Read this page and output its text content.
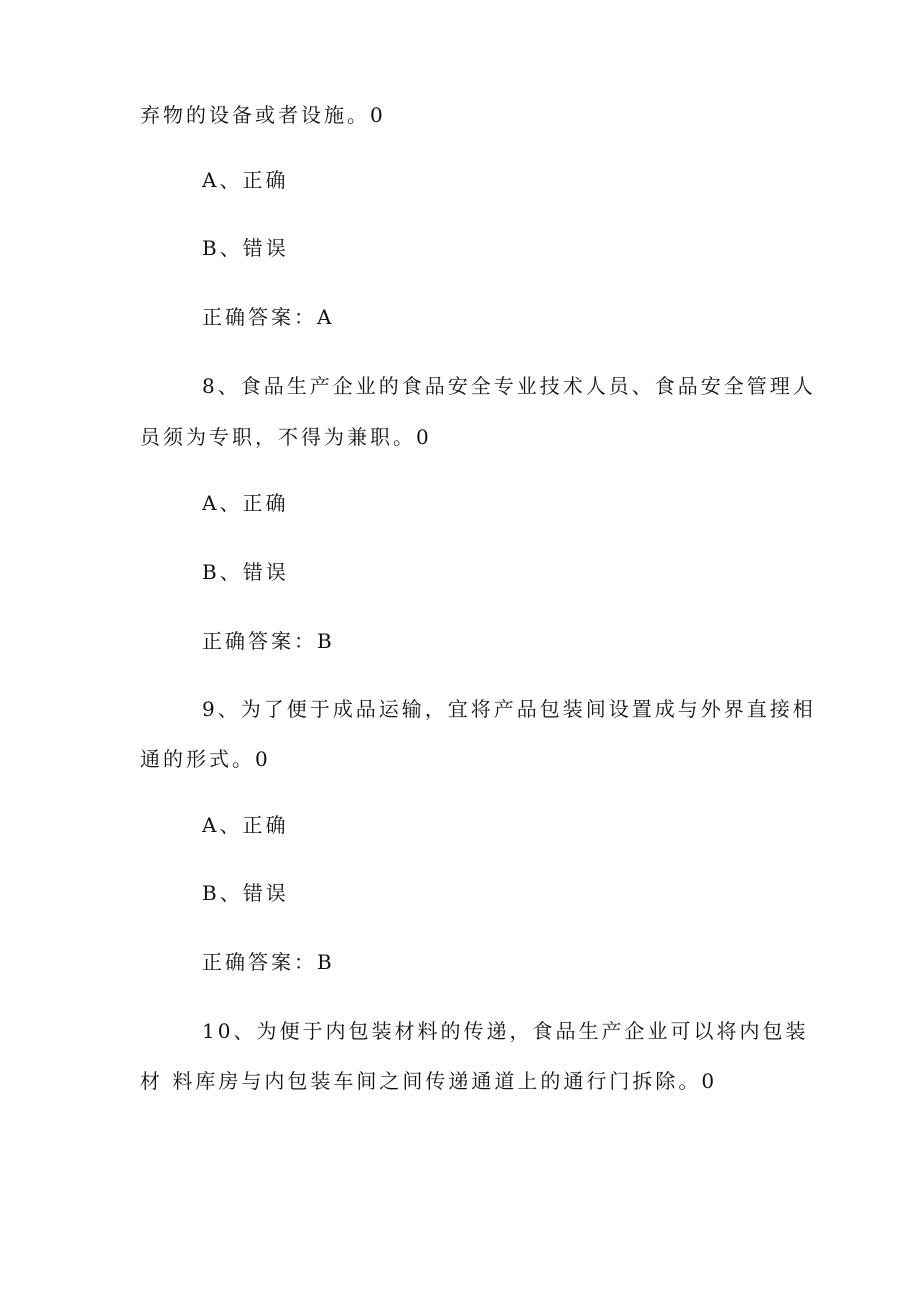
弃物的设备或者设施。0
A、正确
B、错误
正确答案：A
8、食品生产企业的食品安全专业技术人员、食品安全管理人
员须为专职，不得为兼职。0
A、正确
B、错误
正确答案：B
9、为了便于成品运输，宜将产品包装间设置成与外界直接相
通的形式。0
A、正确
B、错误
正确答案：B
10、为便于内包装材料的传递，食品生产企业可以将内包装
材 料库房与内包装车间之间传递通道上的通行门拆除。0
